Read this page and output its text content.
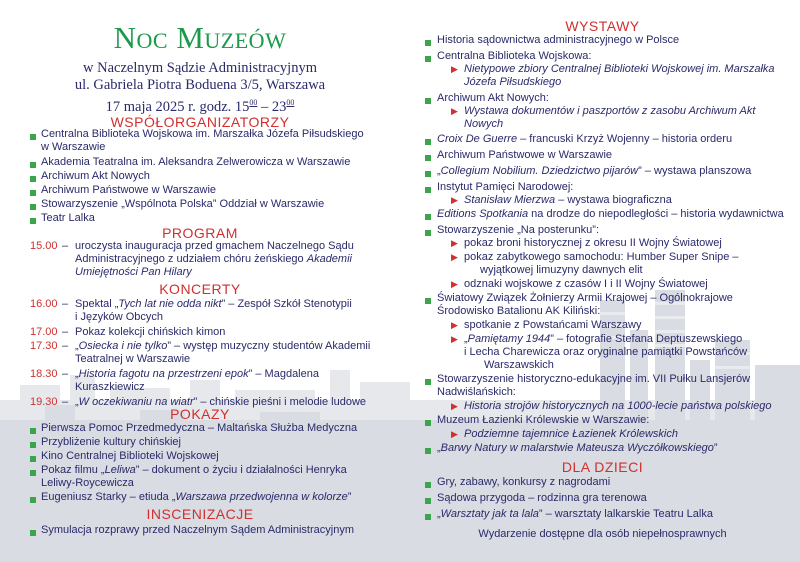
Noc Muzeów
w Naczelnym Sądzie Administracyjnym
ul. Gabriela Piotra Boduena 3/5, Warszawa
17 maja 2025 r. godz. $15^{00} - 23^{00}$
WSPÓŁORGANIZATORZY
Centralna Biblioteka Wojskowa im. Marszałka Józefa Piłsudskiego
w Warszawie
Akademia Teatralna im. Aleksandra Zelwerowicza w Warszawie
Archiwum Akt Nowych
Archiwum Państwowe w Warszawie
Stowarzyszenie „Wspólnota Polska” Oddział w Warszawie
Teatr Lalka
PROGRAM
15.00 – uroczysta inauguracja przed gmachem Naczelnego Sądu
Administracyjnego z udziałem chóru żeńskiego Akademii
Umiejętności Pan Hilary
KONCERTY
16.00 – Spektal „Tych lat nie odda nikt” – Zespół Szkół Stenotypii
i Języków Obcych
17.00 – Pokaz kolekcji chińskich kimon
17.30 – „Osiecka i nie tylko” – występ muzyczny studentów Akademii
Teatralnej w Warszawie
18.30 – „Historia fagotu na przestrzeni epok” – Magdalena
Kuraszkiewicz
19.30 – „W oczekiwaniu na wiatr” – chińskie pieśni i melodie ludowe
POKAZY
Pierwsza Pomoc Przedmedyczna – Maltańska Służba Medyczna
Przybliżenie kultury chińskiej
Kino Centralnej Biblioteki Wojskowej
Pokaz filmu „Leliwa” – dokument o życiu i działalności Henryka
Leliwy-Roycewicza
Eugeniusz Starky – etiuda „Warszawa przedwojenna w kolorze”
INSCENIZACJE
Symulacja rozprawy przed Naczelnym Sądem Administracyjnym
WYSTAWY
Historia sądownictwa administracyjnego w Polsce
Centralna Biblioteka Wojskowa:
▶ Nietypowe zbiory Centralnej Biblioteki Wojskowej im. Marszałka
Józefa Piłsudskiego
Archiwum Akt Nowych:
▶ Wystawa dokumentów i paszportów z zasobu Archiwum Akt
Nowych
Croix De Guerre – francuski Krzyż Wojenny – historia orderu
Archiwum Państwowe w Warszawie
„Collegium Nobilium. Dziedzictwo pijarów” – wystawa planszowa
Instytut Pamięci Narodowej:
▶ Stanisław Mierzwa – wystawa biograficzna
Editions Spotkania na drodze do niepodległości – historia wydawnictwa
Stowarzyszenie „Na posterunku”:
▶ pokaz broni historycznej z okresu II Wojny Światowej
▶ pokaz zabytkowego samochodu: Humber Super Snipe –
wyjątkowej limuzyny dawnych elit
▶ odznaki wojskowe z czasów I i II Wojny Światowej
Światowy Związek Żołnierzy Armii Krajowej – Ogólnokrajowe
Środowisko Batalionu AK Kiliński:
▶ spotkanie z Powstańcami Warszawy
▶ „Pamiętamy 1944” – fotografie Stefana Deptuszewskiego
i Lecha Charewicza oraz oryginalne pamiątki Powstańców
Warszawskich
Stowarzyszenie historyczno-edukacyjne im. VII Pułku Lansjerów
Nadwiślańskich:
▶ Historia strojów historycznych na 1000-lecie państwa polskiego
Muzeum Łazienki Królewskie w Warszawie:
▶ Podziemne tajemnice Łazienek Królewskich
„Barwy Natury w malarstwie Mateusza Wyczółkowskiego”
DLA DZIECI
Gry, zabawy, konkursy z nagrodami
Sądowa przygoda – rodzinna gra terenowa
„Warsztaty jak ta lala” – warsztaty lalkarskie Teatru Lalka
Wydarzenie dostępne dla osób niepełnosprawnych
